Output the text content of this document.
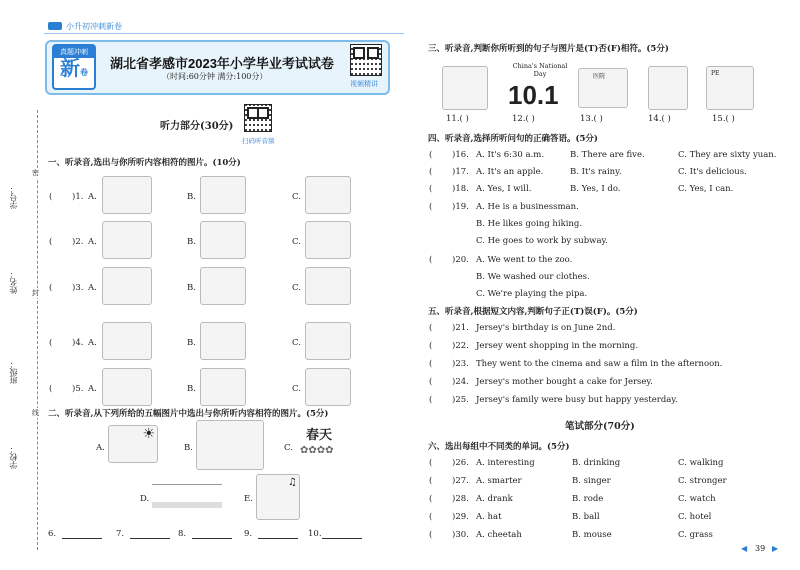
小升初冲刺新卷
真题冲刺
新卷
湖北省孝感市2023年小学毕业考试试卷
（时间:60分钟 满分:100分）
视频精讲
学号：
姓名：
班级：
学校：
密
封
线
听力部分(30分)
扫码听音频
一、听录音,选出与你所听内容相符的图片。(10分)
( )1. A.	B.	C.
( )2. A.	B.	C.
( )3. A.	B.	C.
( )4. A.	B.	C.
( )5. A.	B.	C.
二、听录音,从下列所给的五幅图片中选出与你所听内容相符的图片。(5分)
A.
☀
B.	C.
春天
✿✿✿✿
D.	E.
♫
6.	7.	8.	9.	10.
三、听录音,判断你所听到的句子与图片是(T)否(F)相符。(5分)
China's National Day
10.1
医院	PE
11.( )	12.( )	13.( )	14.( )	15.( )
四、听录音,选择所听问句的正确答语。(5分)
( )16. A. It's 6:30 a.m.	B. There are five.	C. They are sixty yuan.
( )17. A. It's an apple.	B. It's rainy.	C. It's delicious.
( )18. A. Yes, I will.	B. Yes, I do.	C. Yes, I can.
( )19. A. He is a businessman.
B. He likes going hiking.
C. He goes to work by subway.
( )20. A. We went to the zoo.
B. We washed our clothes.
C. We're playing the pipa.
五、听录音,根据短文内容,判断句子正(T)误(F)。(5分)
( )21. Jersey's birthday is on June 2nd.
( )22. Jersey went shopping in the morning.
( )23. They went to the cinema and saw a film in the afternoon.
( )24. Jersey's mother bought a cake for Jersey.
( )25. Jersey's family were busy but happy yesterday.
笔试部分(70分)
六、选出每组中不同类的单词。(5分)
( )26. A. interesting	B. drinking	C. walking
( )27. A. smarter	B. singer	C. stronger
( )28. A. drank	B. rode	C. watch
( )29. A. hat	B. ball	C. hotel
( )30. A. cheetah	B. mouse	C. grass
◀ 39 ▶
